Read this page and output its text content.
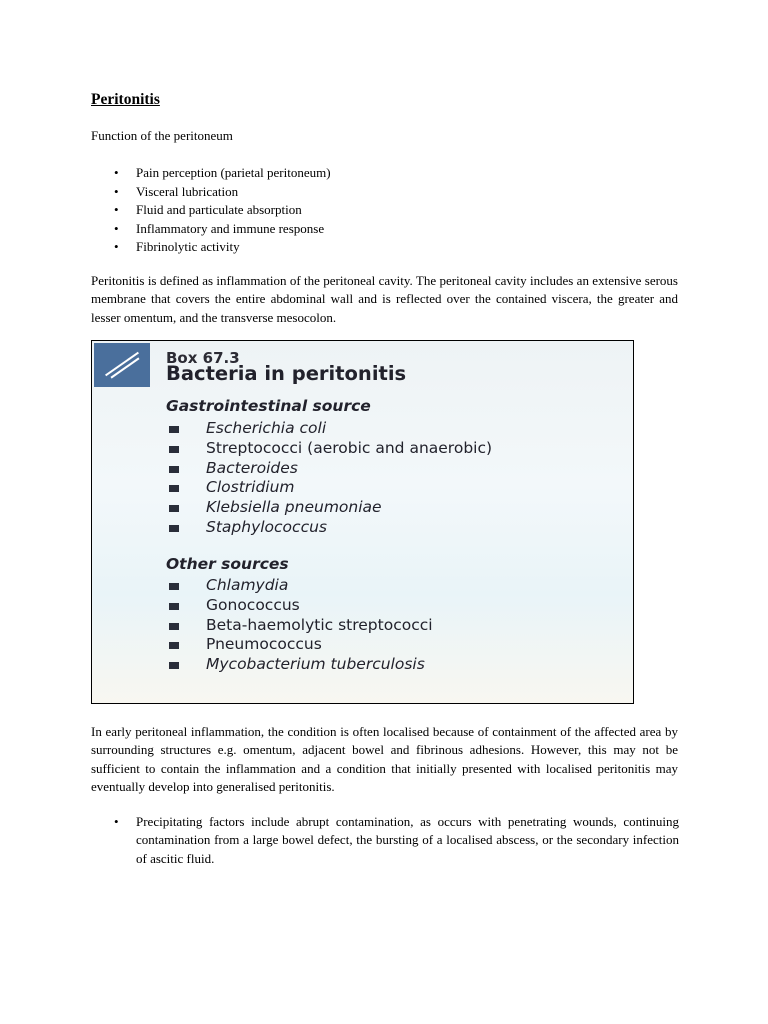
Peritonitis

Function of the peritoneum

• Pain perception (parietal peritoneum)
• Visceral lubrication
• Fluid and particulate absorption
• Inflammatory and immune response
• Fibrinolytic activity

Peritonitis is defined as inflammation of the peritoneal cavity. The peritoneal cavity includes an extensive serous membrane that covers the entire abdominal wall and is reflected over the contained viscera, the greater and lesser omentum, and the transverse mesocolon.

Box 67.3

Bacteria in peritonitis

Gastrointestinal source

Escherichia coli
Streptococci (aerobic and anaerobic)
Bacteroides
Clostridium
Klebsiella pneumoniae
Staphylococcus

Other sources

Chlamydia
Gonococcus
Beta-haemolytic streptococci
Pneumococcus
Mycobacterium tuberculosis

In early peritoneal inflammation, the condition is often localised because of containment of the affected area by surrounding structures e.g. omentum, adjacent bowel and fibrinous adhesions. However, this may not be sufficient to contain the inflammation and a condition that initially presented with localised peritonitis may eventually develop into generalised peritonitis.

• Precipitating factors include abrupt contamination, as occurs with penetrating wounds, continuing contamination from a large bowel defect, the bursting of a localised abscess, or the secondary infection of ascitic fluid.
